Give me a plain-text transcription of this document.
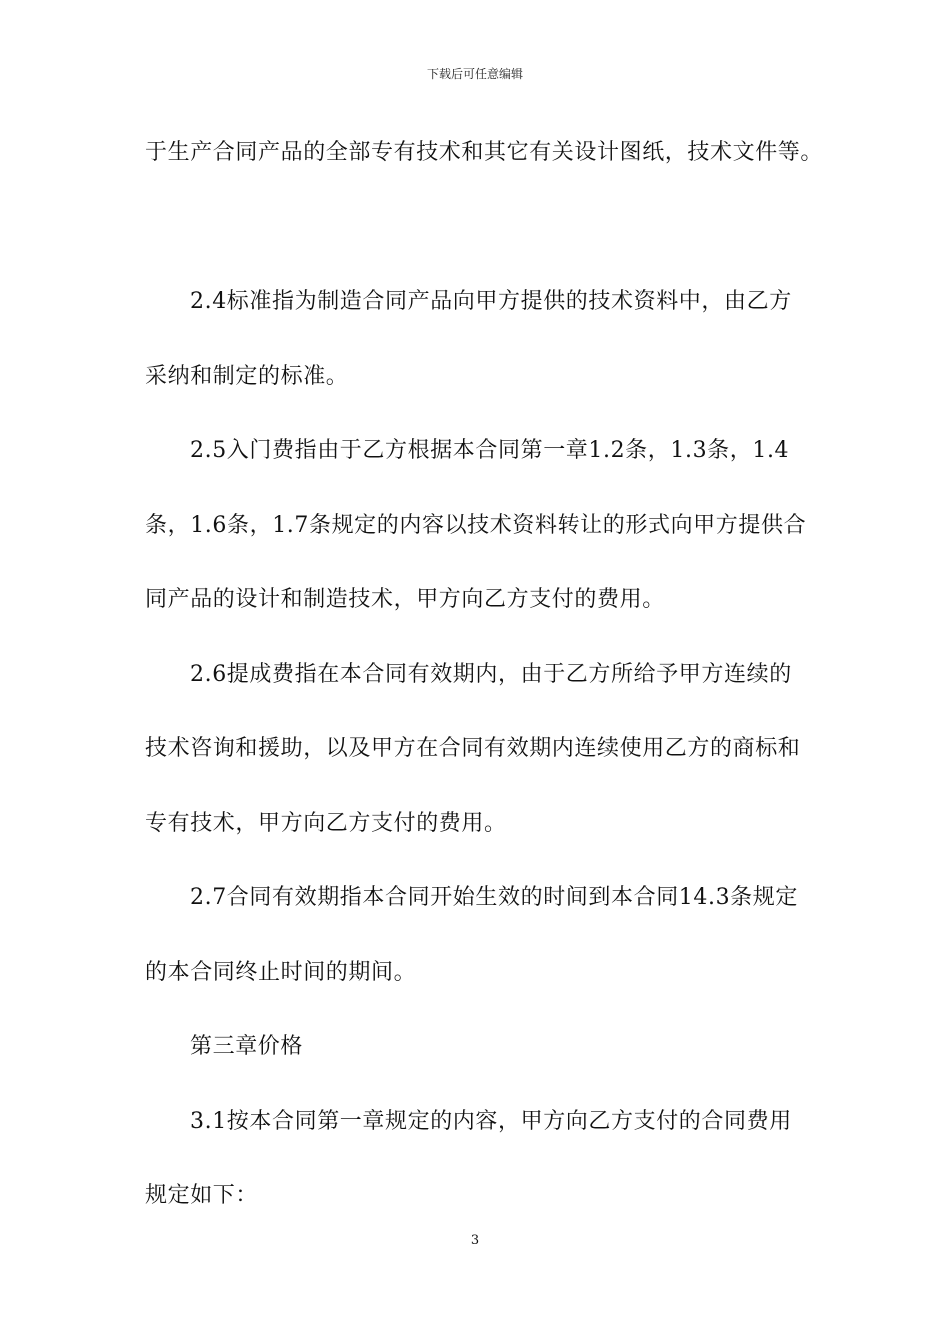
下载后可任意编辑
于生产合同产品的全部专有技术和其它有关设计图纸，技术文件等。
2.4标准指为制造合同产品向甲方提供的技术资料中，由乙方
采纳和制定的标准。
2.5入门费指由于乙方根据本合同第一章1.2条，1.3条，1.4
条，1.6条，1.7条规定的内容以技术资料转让的形式向甲方提供合
同产品的设计和制造技术，甲方向乙方支付的费用。
2.6提成费指在本合同有效期内，由于乙方所给予甲方连续的
技术咨询和援助，以及甲方在合同有效期内连续使用乙方的商标和
专有技术，甲方向乙方支付的费用。
2.7合同有效期指本合同开始生效的时间到本合同14.3条规定
的本合同终止时间的期间。
第三章价格
3.1按本合同第一章规定的内容，甲方向乙方支付的合同费用
规定如下：
3
